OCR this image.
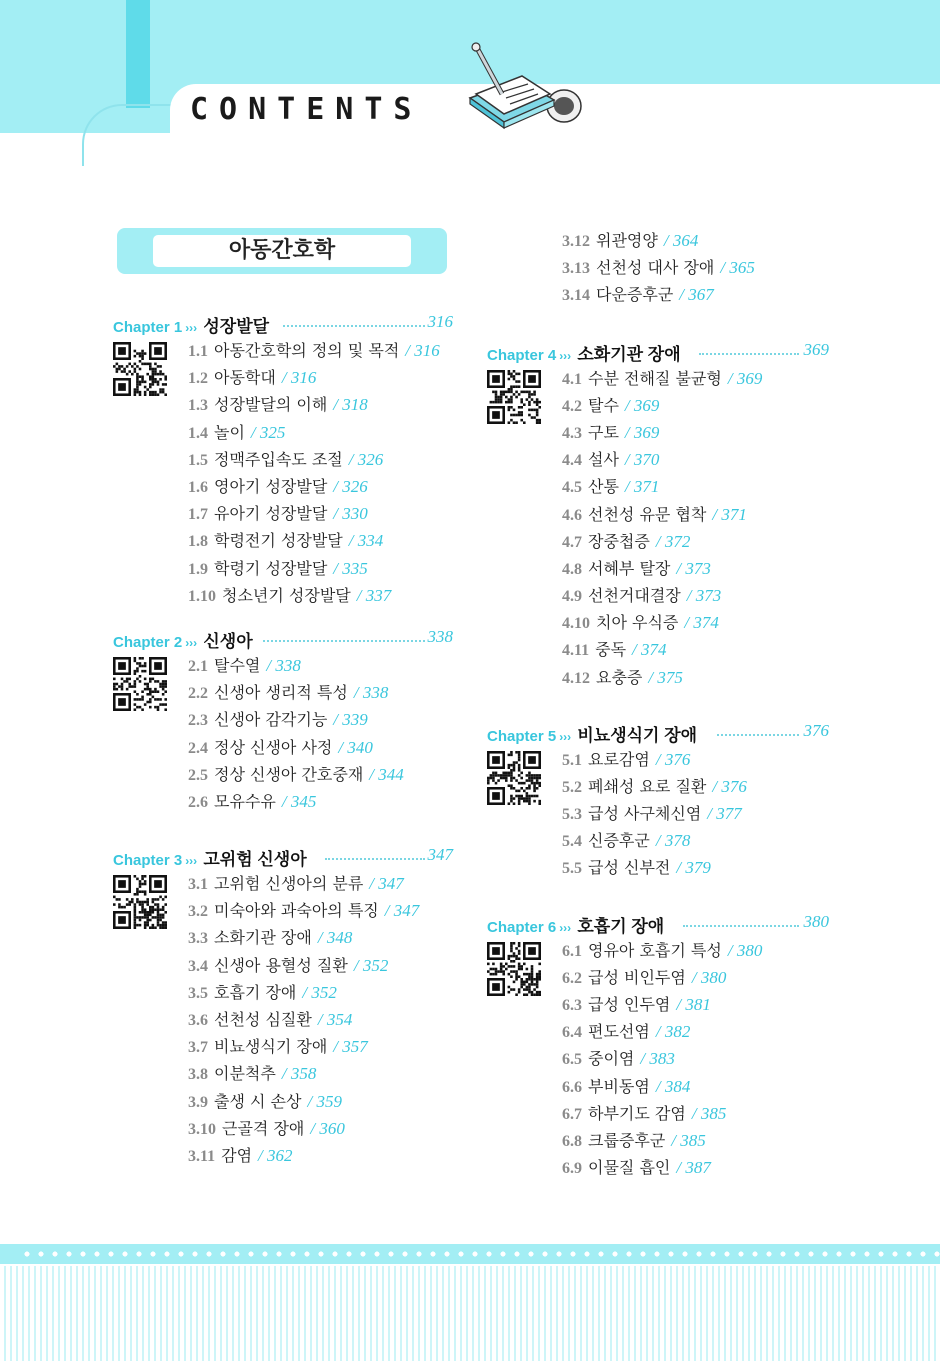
CONTENTS
아동간호학
Chapter 1 ››› 성장발달	316
1.1 아동간호학의 정의 및 목적 / 316
1.2 아동학대 / 316
1.3 성장발달의 이해 / 318
1.4 놀이 / 325
1.5 정맥주입속도 조절 / 326
1.6 영아기 성장발달 / 326
1.7 유아기 성장발달 / 330
1.8 학령전기 성장발달 / 334
1.9 학령기 성장발달 / 335
1.10 청소년기 성장발달 / 337
Chapter 2 ››› 신생아	338
2.1 탈수열 / 338
2.2 신생아 생리적 특성 / 338
2.3 신생아 감각기능 / 339
2.4 정상 신생아 사정 / 340
2.5 정상 신생아 간호중재 / 344
2.6 모유수유 / 345
Chapter 3 ››› 고위험 신생아	347
3.1 고위험 신생아의 분류 / 347
3.2 미숙아와 과숙아의 특징 / 347
3.3 소화기관 장애 / 348
3.4 신생아 용혈성 질환 / 352
3.5 호흡기 장애 / 352
3.6 선천성 심질환 / 354
3.7 비뇨생식기 장애 / 357
3.8 이분척추 / 358
3.9 출생 시 손상 / 359
3.10 근골격 장애 / 360
3.11 감염 / 362
3.12 위관영양 / 364
3.13 선천성 대사 장애 / 365
3.14 다운증후군 / 367
Chapter 4 ››› 소화기관 장애	369
4.1 수분 전해질 불균형 / 369
4.2 탈수 / 369
4.3 구토 / 369
4.4 설사 / 370
4.5 산통 / 371
4.6 선천성 유문 협착 / 371
4.7 장중첩증 / 372
4.8 서혜부 탈장 / 373
4.9 선천거대결장 / 373
4.10 치아 우식증 / 374
4.11 중독 / 374
4.12 요충증 / 375
Chapter 5 ››› 비뇨생식기 장애	376
5.1 요로감염 / 376
5.2 폐쇄성 요로 질환 / 376
5.3 급성 사구체신염 / 377
5.4 신증후군 / 378
5.5 급성 신부전 / 379
Chapter 6 ››› 호흡기 장애	380
6.1 영유아 호흡기 특성 / 380
6.2 급성 비인두염 / 380
6.3 급성 인두염 / 381
6.4 편도선염 / 382
6.5 중이염 / 383
6.6 부비동염 / 384
6.7 하부기도 감염 / 385
6.8 크룹증후군 / 385
6.9 이물질 흡인 / 387
